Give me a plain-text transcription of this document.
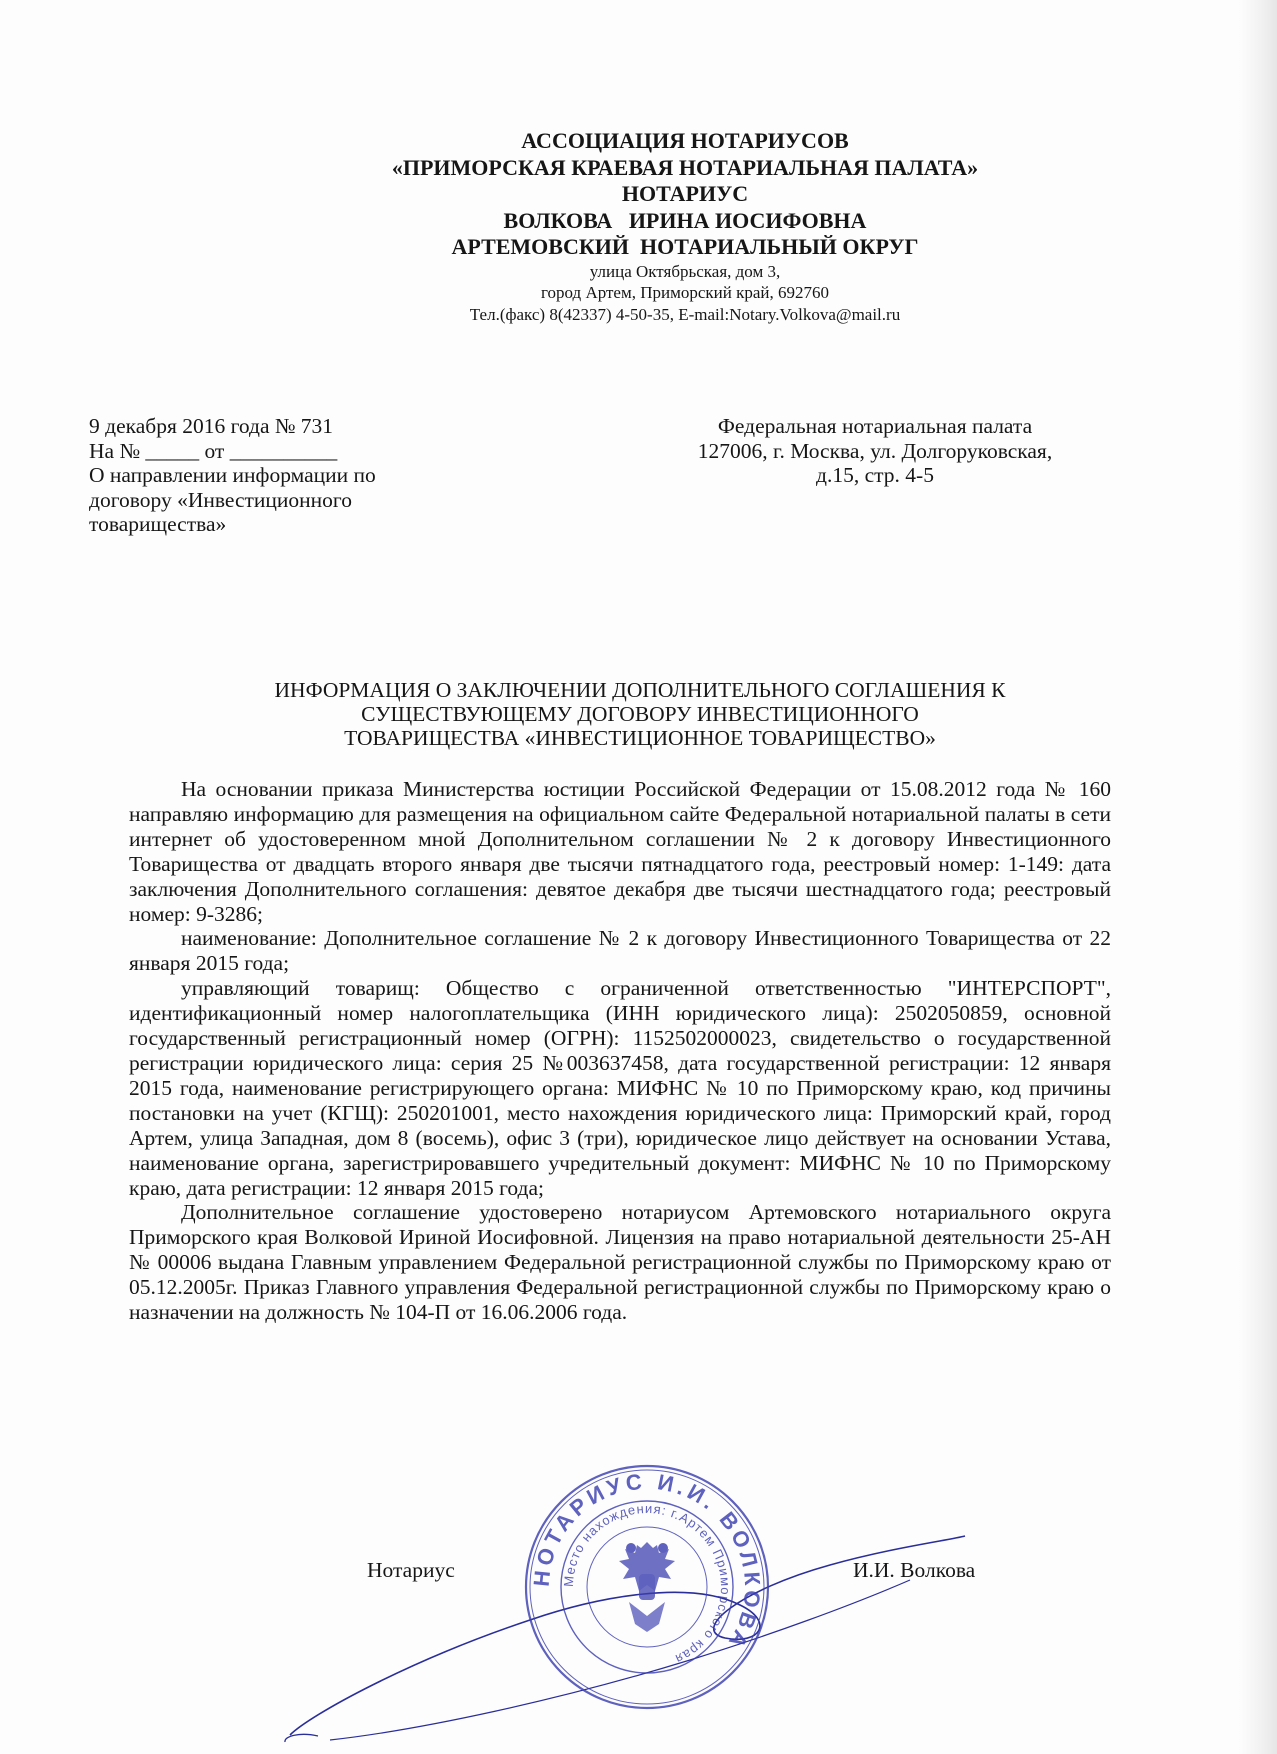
АССОЦИАЦИЯ НОТАРИУСОВ
«ПРИМОРСКАЯ КРАЕВАЯ НОТАРИАЛЬНАЯ ПАЛАТА»
НОТАРИУС
ВОЛКОВА   ИРИНА ИОСИФОВНА
АРТЕМОВСКИЙ  НОТАРИАЛЬНЫЙ ОКРУГ
улица Октябрьская, дом 3,
город Артем, Приморский край, 692760
Тел.(факс) 8(42337) 4-50-35, E-mail:Notary.Volkova@mail.ru
9 декабря 2016 года № 731
На № _____ от __________
О направлении информации по
договору «Инвестиционного
товарищества»
Федеральная нотариальная палата
127006, г. Москва, ул. Долгоруковская,
д.15, стр. 4-5
ИНФОРМАЦИЯ О ЗАКЛЮЧЕНИИ ДОПОЛНИТЕЛЬНОГО СОГЛАШЕНИЯ К
СУЩЕСТВУЮЩЕМУ ДОГОВОРУ ИНВЕСТИЦИОННОГО
ТОВАРИЩЕСТВА «ИНВЕСТИЦИОННОЕ ТОВАРИЩЕСТВО»

На основании приказа Министерства юстиции Российской Федерации от 15.08.2012 года № 160 направляю информацию для размещения на официальном сайте Федеральной нотариальной палаты в сети интернет об удостоверенном мной Дополнительном соглашении № 2 к договору Инвестиционного Товарищества от двадцать второго января две тысячи пятнадцатого года, реестровый номер: 1-149: дата заключения Дополнительного соглашения: девятое декабря две тысячи шестнадцатого года; реестровый номер: 9-3286;

наименование: Дополнительное соглашение № 2 к договору Инвестиционного Товарищества от 22 января 2015 года;

управляющий товарищ: Общество с ограниченной ответственностью "ИНТЕРСПОРТ", идентификационный номер налогоплательщика (ИНН юридического лица): 2502050859, основной государственный регистрационный номер (ОГРН): 1152502000023, свидетельство о государственной регистрации юридического лица: серия 25 №003637458, дата государственной регистрации: 12 января 2015 года, наименование регистрирующего органа: МИФНС № 10 по Приморскому краю, код причины постановки на учет (КГЩ): 250201001, место нахождения юридического лица: Приморский край, город Артем, улица Западная, дом 8 (восемь), офис 3 (три), юридическое лицо действует на основании Устава, наименование органа, зарегистрировавшего учредительный документ: МИФНС № 10 по Приморскому краю, дата регистрации: 12 января 2015 года;

Дополнительное соглашение удостоверено нотариусом Артемовского нотариального округа Приморского края Волковой Ириной Иосифовной. Лицензия на право нотариальной деятельности 25-АН № 00006 выдана Главным управлением Федеральной регистрационной службы по Приморскому краю от 05.12.2005г. Приказ Главного управления Федеральной регистрационной службы по Приморскому краю о назначении на должность № 104-П от 16.06.2006 года.

Нотариус	И.И. Волкова
НОТАРИУС И.И. ВОЛКОВА
Место нахождения: г.Артем Приморского края
